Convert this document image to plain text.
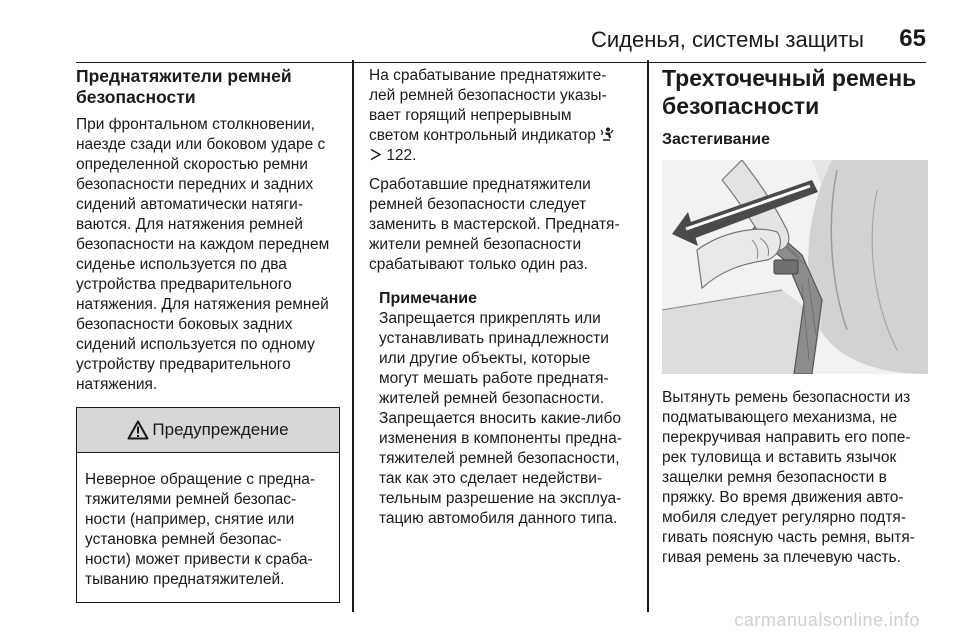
Сиденья, системы защиты 65
Преднатяжители ремней безопасности
При фронтальном столкновении,
наезде сзади или боковом ударе с
определенной скоростью ремни
безопасности передних и задних
сидений автоматически натяги-
ваются. Для натяжения ремней
безопасности на каждом переднем
сиденье используется по два
устройства предварительного
натяжения. Для натяжения ремней
безопасности боковых задних
сидений используется по одному
устройству предварительного
натяжения.
Предупреждение
Неверное обращение с предна-
тяжителями ремней безопас-
ности (например, снятие или
установка ремней безопас-
ности) может привести к сраба-
тыванию преднатяжителей.
На срабатывание преднатяжите-
лей ремней безопасности указы-
вает горящий непрерывным
светом контрольный индикатор
122.
Сработавшие преднатяжители
ремней безопасности следует
заменить в мастерской. Преднатя-
жители ремней безопасности
срабатывают только один раз.
Примечание
Запрещается прикреплять или
устанавливать принадлежности
или другие объекты, которые
могут мешать работе преднатя-
жителей ремней безопасности.
Запрещается вносить какие-либо
изменения в компоненты предна-
тяжителей ремней безопасности,
так как это сделает недействи-
тельным разрешение на эксплуа-
тацию автомобиля данного типа.
Трехточечный ремень
безопасности
Застегивание
Вытянуть ремень безопасности из
подматывающего механизма, не
перекручивая направить его попе-
рек туловища и вставить язычок
защелки ремня безопасности в
пряжку. Во время движения авто-
мобиля следует регулярно подтя-
гивать поясную часть ремня, вытя-
гивая ремень за плечевую часть.
carmanualsonline.info
